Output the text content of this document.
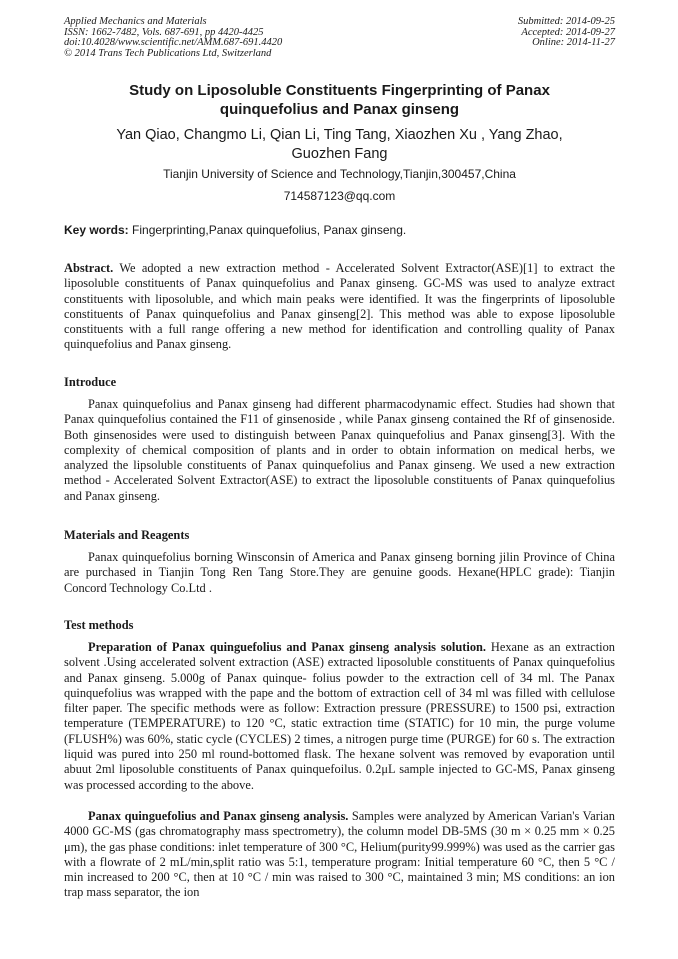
Applied Mechanics and Materials
ISSN: 1662-7482, Vols. 687-691, pp 4420-4425
doi:10.4028/www.scientific.net/AMM.687-691.4420
© 2014 Trans Tech Publications Ltd, Switzerland
Submitted: 2014-09-25
Accepted: 2014-09-27
Online: 2014-11-27
Study on Liposoluble Constituents Fingerprinting of Panax
quinquefolius and Panax ginseng
Yan Qiao, Changmo Li, Qian Li, Ting Tang, Xiaozhen Xu , Yang Zhao,
Guozhen Fang
Tianjin University of Science and Technology,Tianjin,300457,China
714587123@qq.com
Key words: Fingerprinting,Panax quinquefolius, Panax ginseng.

Abstract. We adopted a new extraction method - Accelerated Solvent Extractor(ASE)[1] to extract the liposoluble constituents of Panax quinquefolius and Panax ginseng. GC-MS was used to analyze extract constituents with liposoluble, and which main peaks were identified. It was the fingerprints of liposoluble constituents of Panax quinquefolius and Panax ginseng[2]. This method was able to expose liposoluble constituents with a full range offering a new method for identification and controlling quality of Panax quinquefolius and Panax ginseng.

Introduce

Panax quinquefolius and Panax ginseng had different pharmacodynamic effect. Studies had shown that Panax quinquefolius contained the F11 of ginsenoside , while Panax ginseng contained the Rf of ginsenoside. Both ginsenosides were used to distinguish between Panax quinquefolius and Panax ginseng[3]. With the complexity of chemical composition of plants and in order to obtain information on medical herbs, we analyzed the lipsoluble constituents of Panax quinquefolius and Panax ginseng. We used a new extraction method - Accelerated Solvent Extractor(ASE) to extract the liposoluble constituents of Panax quinquefolius and Panax ginseng.

Materials and Reagents

Panax quinquefolius borning Winsconsin of America and Panax ginseng borning jilin Province of China are purchased in Tianjin Tong Ren Tang Store.They are genuine goods. Hexane(HPLC grade): Tianjin Concord Technology Co.Ltd .

Test methods

Preparation of Panax quinguefolius and Panax ginseng analysis solution. Hexane as an extraction solvent .Using accelerated solvent extraction (ASE) extracted liposoluble constituents of Panax quinquefolius and Panax ginseng. 5.000g of Panax quinque- folius powder to the extraction cell of 34 ml. The Panax quinquefolius was wrapped with the pape and the bottom of extraction cell of 34 ml was filled with cellulose filter paper. The specific methods were as follow: Extraction pressure (PRESSURE) to 1500 psi, extraction temperature (TEMPERATURE) to 120 °C, static extraction time (STATIC) for 10 min, the purge volume (FLUSH%) was 60%, static cycle (CYCLES) 2 times, a nitrogen purge time (PURGE) for 60 s. The extraction liquid was pured into 250 ml round-bottomed flask. The hexane solvent was removed by evaporation until abuut 2ml liposoluble constituents of Panax quinquefoilus. 0.2μL sample injected to GC-MS, Panax ginseng was processed according to the above.

Panax quinguefolius and Panax ginseng analysis. Samples were analyzed by American Varian's Varian 4000 GC-MS (gas chromatography mass spectrometry), the column model DB-5MS (30 m × 0.25 mm × 0.25 μm), the gas phase conditions: inlet temperature of 300 °C, Helium(purity99.999%) was used as the carrier gas with a flowrate of 2 mL/min,split ratio was 5:1, temperature program: Initial temperature 60 °C, then 5 °C / min increased to 200 °C, then at 10 °C / min was raised to 300 °C, maintained 3 min; MS conditions: an ion trap mass separator, the ion
